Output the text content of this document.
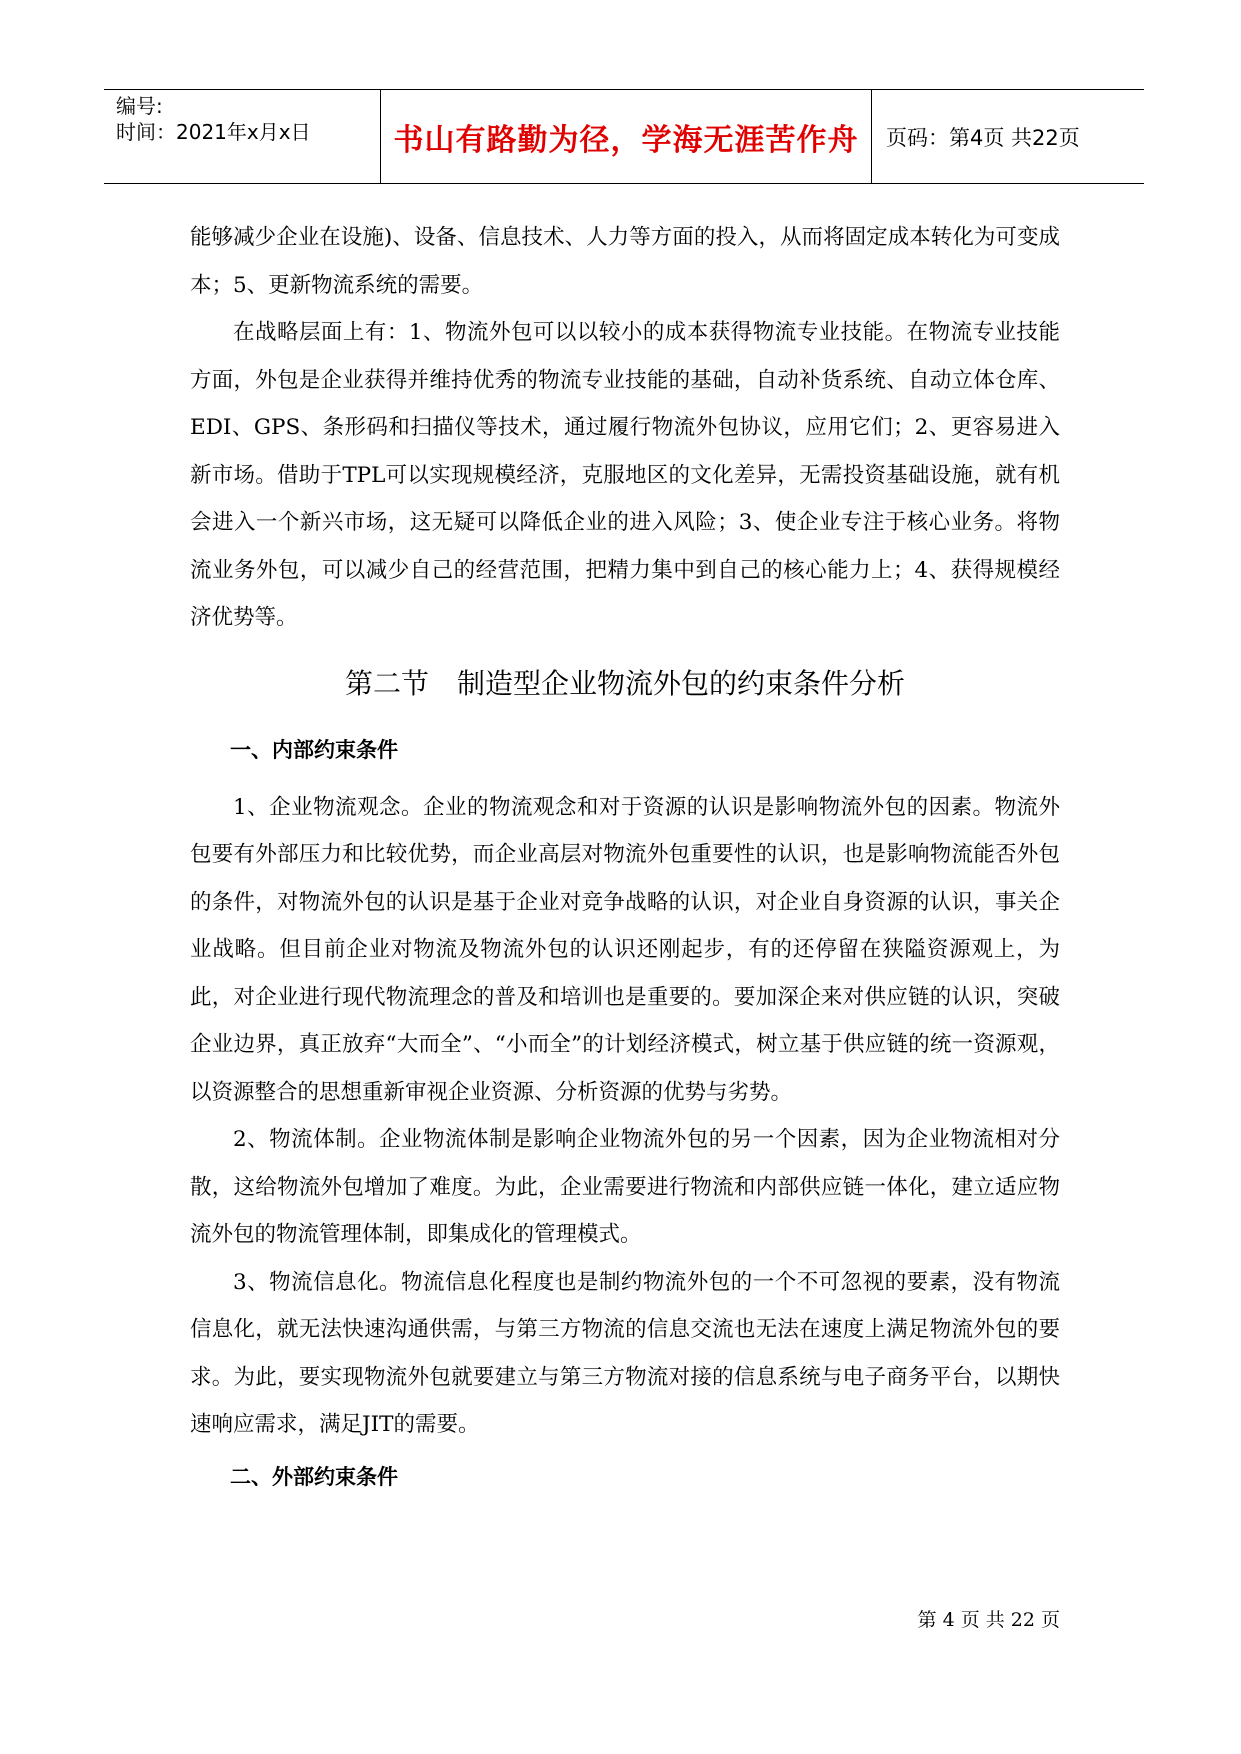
编号:
时间：2021年x月x日	书山有路勤为径，学海无涯苦作舟	页码：第4页 共22页

能够减少企业在设施)、设备、信息技术、人力等方面的投入，从而将固定成本转化为可变成本；5、更新物流系统的需要。

在战略层面上有：1、物流外包可以以较小的成本获得物流专业技能。在物流专业技能方面，外包是企业获得并维持优秀的物流专业技能的基础，自动补货系统、自动立体仓库、EDI、GPS、条形码和扫描仪等技术，通过履行物流外包协议，应用它们；2、更容易进入新市场。借助于TPL可以实现规模经济，克服地区的文化差异，无需投资基础设施，就有机会进入一个新兴市场，这无疑可以降低企业的进入风险；3、使企业专注于核心业务。将物流业务外包，可以减少自己的经营范围，把精力集中到自己的核心能力上；4、获得规模经济优势等。

第二节　制造型企业物流外包的约束条件分析
一、内部约束条件

1、企业物流观念。企业的物流观念和对于资源的认识是影响物流外包的因素。物流外包要有外部压力和比较优势，而企业高层对物流外包重要性的认识，也是影响物流能否外包的条件，对物流外包的认识是基于企业对竞争战略的认识，对企业自身资源的认识，事关企业战略。但目前企业对物流及物流外包的认识还刚起步，有的还停留在狭隘资源观上，为此，对企业进行现代物流理念的普及和培训也是重要的。要加深企来对供应链的认识，突破企业边界，真正放弃“大而全”、“小而全”的计划经济模式，树立基于供应链的统一资源观，以资源整合的思想重新审视企业资源、分析资源的优势与劣势。

2、物流体制。企业物流体制是影响企业物流外包的另一个因素，因为企业物流相对分散，这给物流外包增加了难度。为此，企业需要进行物流和内部供应链一体化，建立适应物流外包的物流管理体制，即集成化的管理模式。

3、物流信息化。物流信息化程度也是制约物流外包的一个不可忽视的要素，没有物流信息化，就无法快速沟通供需，与第三方物流的信息交流也无法在速度上满足物流外包的要求。为此，要实现物流外包就要建立与第三方物流对接的信息系统与电子商务平台，以期快速响应需求，满足JIT的需要。

二、外部约束条件
第 4 页 共 22 页
